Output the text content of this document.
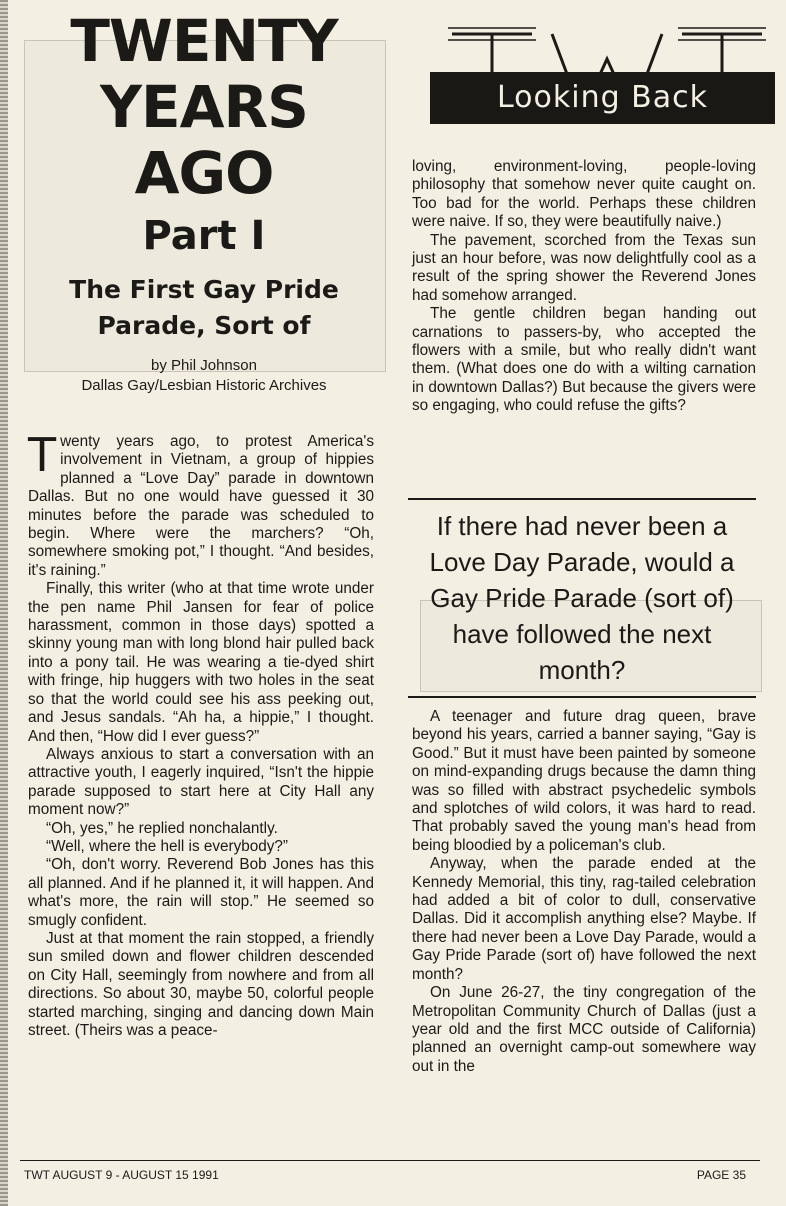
TWENTY
YEARS
AGO
Part I
The First Gay Pride Parade, Sort of
by Phil Johnson
Dallas Gay/Lesbian Historic Archives
Looking Back

Twenty years ago, to protest America's involvement in Vietnam, a group of hippies planned a “Love Day” parade in downtown Dallas. But no one would have guessed it 30 minutes before the parade was scheduled to begin. Where were the marchers? “Oh, somewhere smoking pot,” I thought. “And besides, it's raining.”

Finally, this writer (who at that time wrote under the pen name Phil Jansen for fear of police harassment, common in those days) spotted a skinny young man with long blond hair pulled back into a pony tail. He was wearing a tie-dyed shirt with fringe, hip huggers with two holes in the seat so that the world could see his ass peeking out, and Jesus sandals. “Ah ha, a hippie,” I thought. And then, “How did I ever guess?”

Always anxious to start a conversation with an attractive youth, I eagerly inquired, “Isn't the hippie parade supposed to start here at City Hall any moment now?”

“Oh, yes,” he replied nonchalantly.

“Well, where the hell is everybody?”

“Oh, don't worry. Reverend Bob Jones has this all planned. And if he planned it, it will happen. And what's more, the rain will stop.” He seemed so smugly confident.

Just at that moment the rain stopped, a friendly sun smiled down and flower children descended on City Hall, seemingly from nowhere and from all directions. So about 30, maybe 50, colorful people started marching, singing and dancing down Main street. (Theirs was a peace-

loving, environment-loving, people-loving philosophy that somehow never quite caught on. Too bad for the world. Perhaps these children were naive. If so, they were beautifully naive.)

The pavement, scorched from the Texas sun just an hour before, was now delightfully cool as a result of the spring shower the Reverend Jones had somehow arranged.

The gentle children began handing out carnations to passers-by, who accepted the flowers with a smile, but who really didn't want them. (What does one do with a wilting carnation in downtown Dallas?) But because the givers were so engaging, who could refuse the gifts?

If there had never been a Love Day Parade, would a Gay Pride Parade (sort of) have followed the next month?

A teenager and future drag queen, brave beyond his years, carried a banner saying, “Gay is Good.” But it must have been painted by someone on mind-expanding drugs because the damn thing was so filled with abstract psychedelic symbols and splotches of wild colors, it was hard to read. That probably saved the young man's head from being bloodied by a policeman's club.

Anyway, when the parade ended at the Kennedy Memorial, this tiny, rag-tailed celebration had added a bit of color to dull, conservative Dallas. Did it accomplish anything else? Maybe. If there had never been a Love Day Parade, would a Gay Pride Parade (sort of) have followed the next month?

On June 26-27, the tiny congregation of the Metropolitan Community Church of Dallas (just a year old and the first MCC outside of California) planned an overnight camp-out somewhere way out in the

TWT AUGUST 9 - AUGUST 15 1991	PAGE 35
